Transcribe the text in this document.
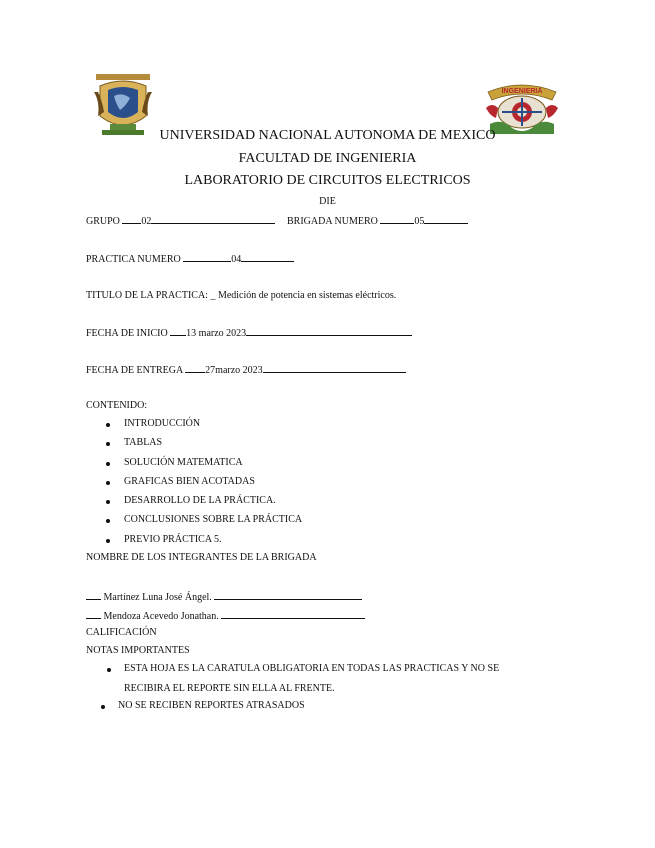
INGENIERIA
UNIVERSIDAD NACIONAL AUTONOMA DE MEXICO
FACULTAD DE INGENIERIA
LABORATORIO DE CIRCUITOS ELECTRICOS
DIE
GRUPO 02	BRIGADA NUMERO	05
PRACTICA NUMERO	04
TITULO DE LA PRACTICA: _ Medición de potencia en sistemas eléctricos.
FECHA DE INICIO 13 marzo 2023
FECHA DE ENTREGA 27marzo 2023
CONTENIDO:
INTRODUCCIÓN
TABLAS
SOLUCIÓN MATEMATICA
GRAFICAS BIEN ACOTADAS
DESARROLLO DE LA PRÁCTICA.
CONCLUSIONES SOBRE LA PRÁCTICA
PREVIO PRÁCTICA 5.
NOMBRE DE LOS INTEGRANTES DE LA BRIGADA
Martínez Luna José Ángel.
Mendoza Acevedo Jonathan.
CALIFICACIÓN
NOTAS IMPORTANTES
ESTA HOJA ES LA CARATULA OBLIGATORIA EN TODAS LAS PRACTICAS Y NO SE
RECIBIRA EL REPORTE SIN ELLA AL FRENTE.
NO SE RECIBEN REPORTES ATRASADOS
